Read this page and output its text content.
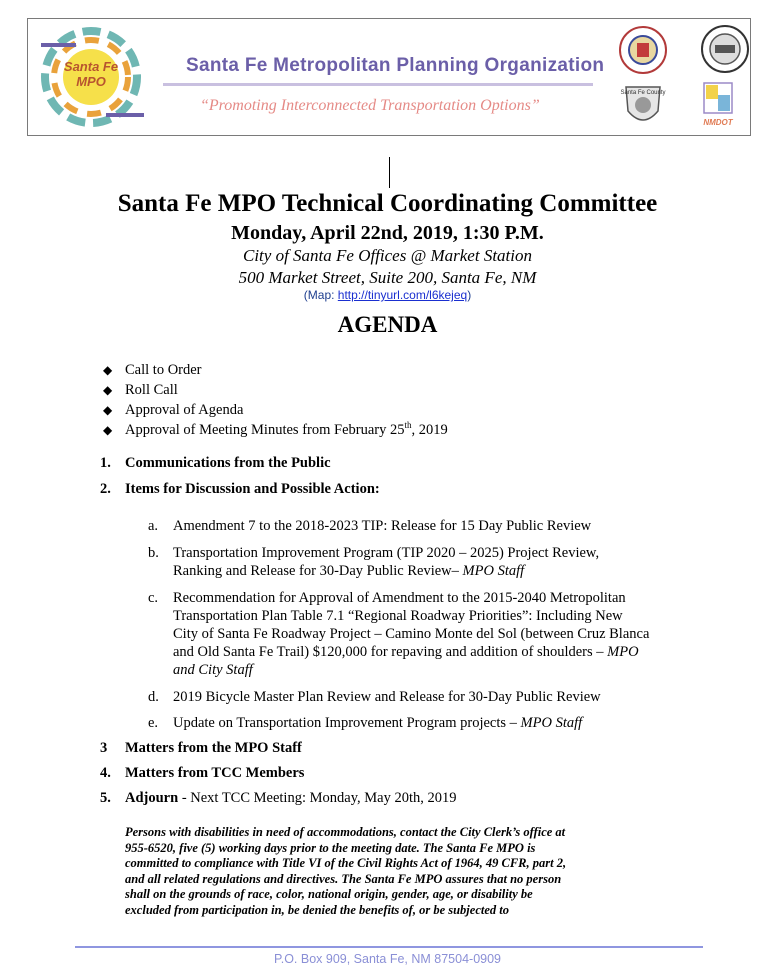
Santa Fe MPO
Santa Fe Metropolitan Planning Organization
“Promoting Interconnected Transportation Options”
Santa Fe County
NMDOT
Santa Fe MPO Technical Coordinating Committee
Monday, April 22nd, 2019, 1:30 P.M.
City of Santa Fe Offices @ Market Station
500 Market Street, Suite 200, Santa Fe, NM
(Map: http://tinyurl.com/l6kejeq)
AGENDA
◆ Call to Order
◆ Roll Call
◆ Approval of Agenda
◆ Approval of Meeting Minutes from February 25th, 2019
1. Communications from the Public
2. Items for Discussion and Possible Action:
a. Amendment 7 to the 2018-2023 TIP: Release for 15 Day Public Review
b. Transportation Improvement Program (TIP 2020 – 2025) Project Review,
Ranking and Release for 30-Day Public Review– MPO Staff
c. Recommendation for Approval of Amendment to the 2015-2040 Metropolitan
Transportation Plan Table 7.1 “Regional Roadway Priorities”: Including New
City of Santa Fe Roadway Project – Camino Monte del Sol (between Cruz Blanca
and Old Santa Fe Trail) $120,000 for repaving and addition of shoulders – MPO
and City Staff
d. 2019 Bicycle Master Plan Review and Release for 30-Day Public Review
e. Update on Transportation Improvement Program projects – MPO Staff
3 Matters from the MPO Staff
4. Matters from TCC Members
5. Adjourn - Next TCC Meeting: Monday, May 20th, 2019
Persons with disabilities in need of accommodations, contact the City Clerk’s office at
955-6520, five (5) working days prior to the meeting date. The Santa Fe MPO is
committed to compliance with Title VI of the Civil Rights Act of 1964, 49 CFR, part 2,
and all related regulations and directives. The Santa Fe MPO assures that no person
shall on the grounds of race, color, national origin, gender, age, or disability be
excluded from participation in, be denied the benefits of, or be subjected to
P.O. Box 909, Santa Fe, NM 87504-0909
